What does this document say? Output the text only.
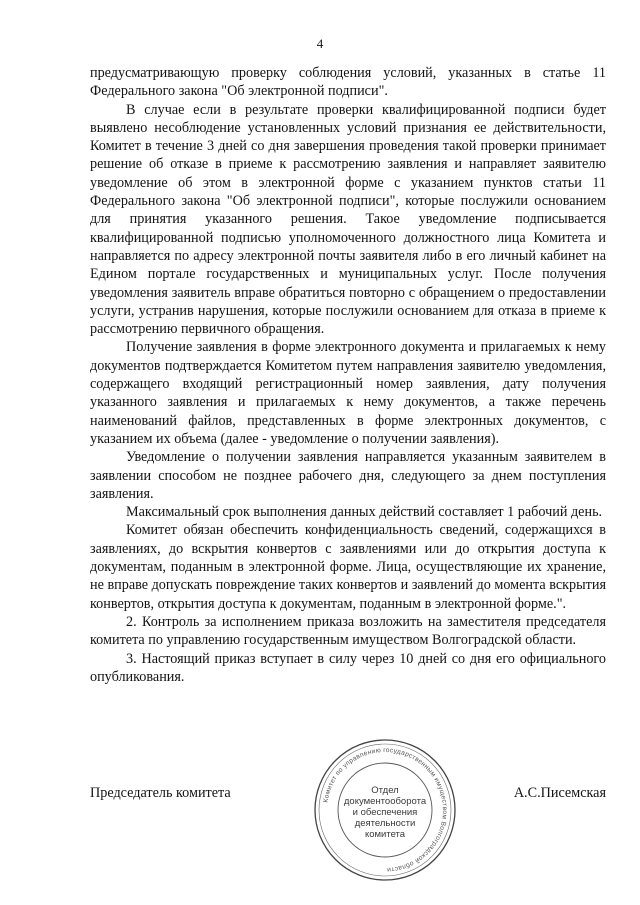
4

предусматривающую проверку соблюдения условий, указанных в статье 11 Федерального закона "Об электронной подписи".

В случае если в результате проверки квалифицированной подписи будет выявлено несоблюдение установленных условий признания ее действительности, Комитет в течение 3 дней со дня завершения проведения такой проверки принимает решение об отказе в приеме к рассмотрению заявления и направляет заявителю уведомление об этом в электронной форме с указанием пунктов статьи 11 Федерального закона "Об электронной подписи", которые послужили основанием для принятия указанного решения. Такое уведомление подписывается квалифицированной подписью уполномоченного должностного лица Комитета и направляется по адресу электронной почты заявителя либо в его личный кабинет на Едином портале государственных и муниципальных услуг. После получения уведомления заявитель вправе обратиться повторно с обращением о предоставлении услуги, устранив нарушения, которые послужили основанием для отказа в приеме к рассмотрению первичного обращения.

Получение заявления в форме электронного документа и прилагаемых к нему документов подтверждается Комитетом путем направления заявителю уведомления, содержащего входящий регистрационный номер заявления, дату получения указанного заявления и прилагаемых к нему документов, а также перечень наименований файлов, представленных в форме электронных документов, с указанием их объема (далее - уведомление о получении заявления).

Уведомление о получении заявления направляется указанным заявителем в заявлении способом не позднее рабочего дня, следующего за днем поступления заявления.

Максимальный срок выполнения данных действий составляет 1 рабочий день.

Комитет обязан обеспечить конфиденциальность сведений, содержащихся в заявлениях, до вскрытия конвертов с заявлениями или до открытия доступа к документам, поданным в электронной форме. Лица, осуществляющие их хранение, не вправе допускать повреждение таких конвертов и заявлений до момента вскрытия конвертов, открытия доступа к документам, поданным в электронной форме.".

2. Контроль за исполнением приказа возложить на заместителя председателя комитета по управлению государственным имуществом Волгоградской области.

3. Настоящий приказ вступает в силу через 10 дней со дня его официального опубликования.

Председатель комитета	А.С.Писемская
Комитет по управлению государственным имуществом Волгоградской области
Отдел
документооборота
и обеспечения
деятельности
комитета
